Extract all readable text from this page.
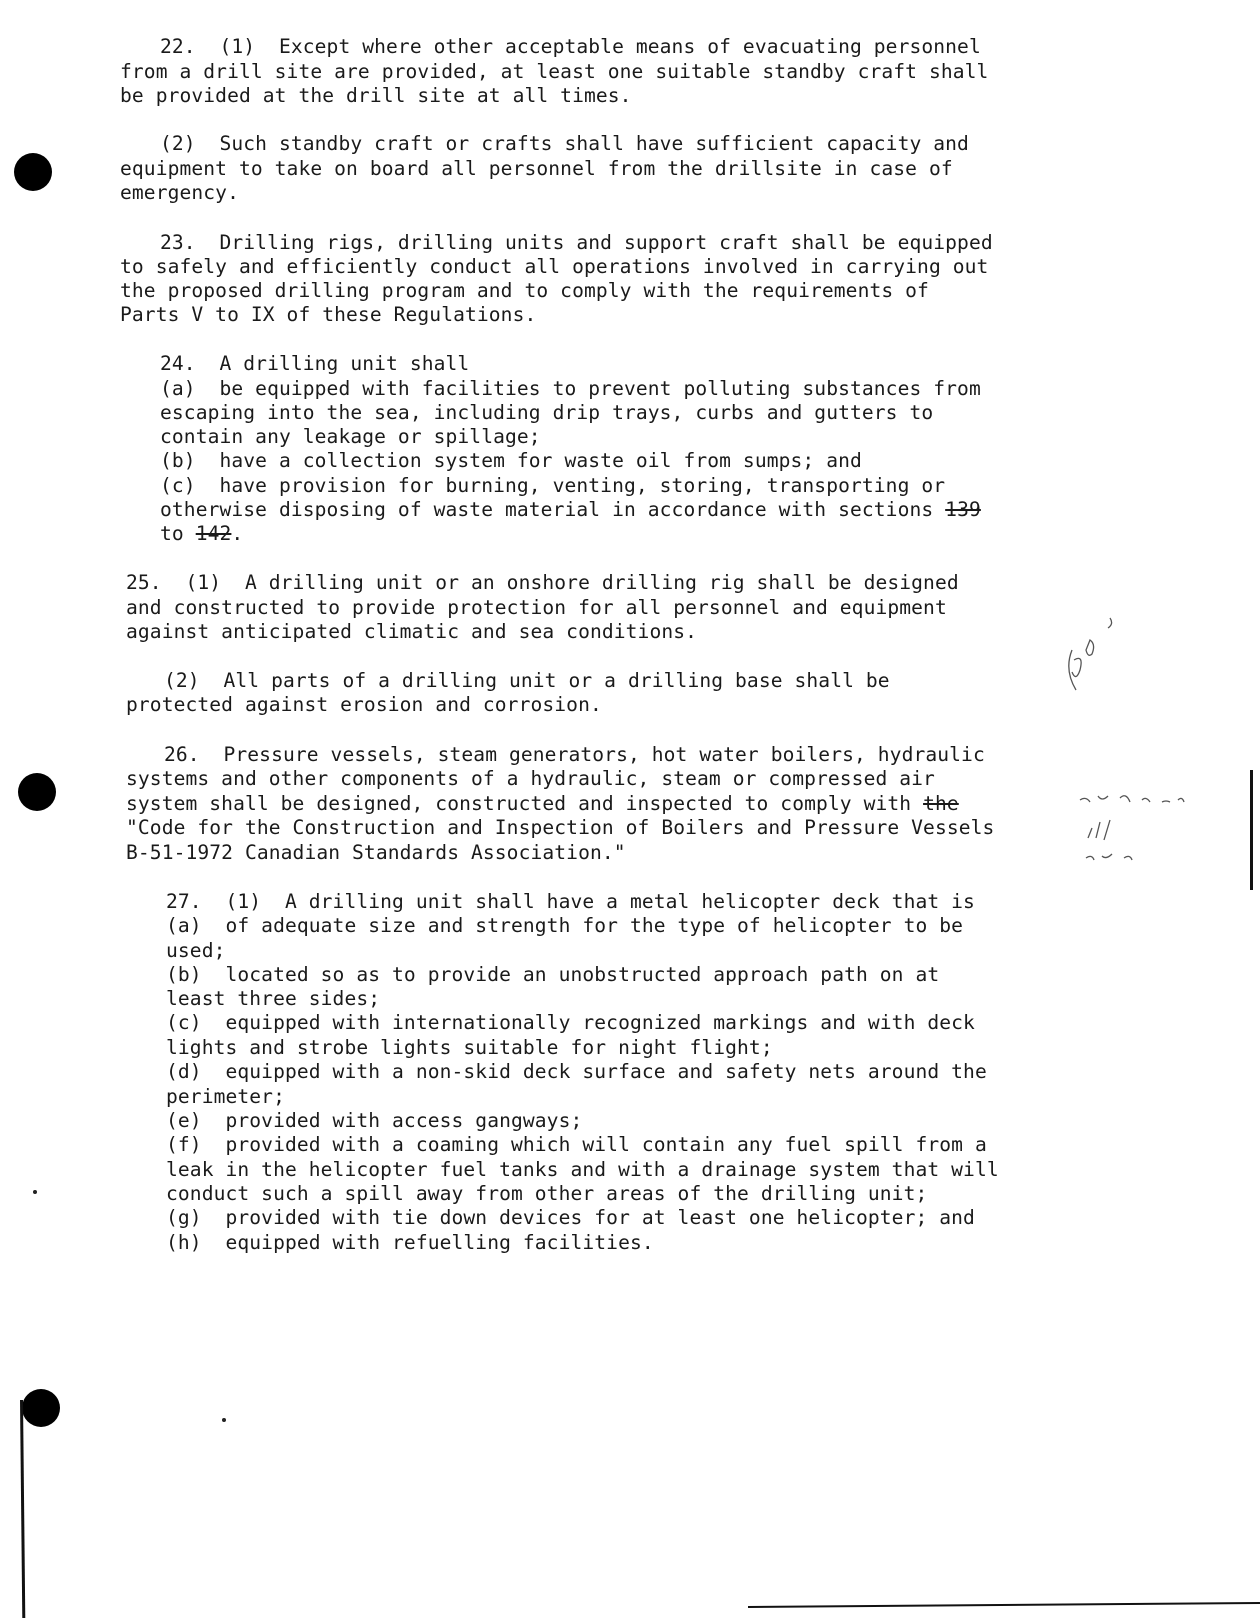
22.  (1)  Except where other acceptable means of evacuating personnel
from a drill site are provided, at least one suitable standby craft shall
be provided at the drill site at all times.
(2)  Such standby craft or crafts shall have sufficient capacity and
equipment to take on board all personnel from the drillsite in case of
emergency.
23.  Drilling rigs, drilling units and support craft shall be equipped
to safely and efficiently conduct all operations involved in carrying out
the proposed drilling program and to comply with the requirements of
Parts V to IX of these Regulations.
24.  A drilling unit shall
(a)  be equipped with facilities to prevent polluting substances from
escaping into the sea, including drip trays, curbs and gutters to
contain any leakage or spillage;
(b)  have a collection system for waste oil from sumps; and
(c)  have provision for burning, venting, storing, transporting or
otherwise disposing of waste material in accordance with sections 139
to 142.
25.  (1)  A drilling unit or an onshore drilling rig shall be designed
and constructed to provide protection for all personnel and equipment
against anticipated climatic and sea conditions.
(2)  All parts of a drilling unit or a drilling base shall be
protected against erosion and corrosion.
26.  Pressure vessels, steam generators, hot water boilers, hydraulic
systems and other components of a hydraulic, steam or compressed air
system shall be designed, constructed and inspected to comply with the
"Code for the Construction and Inspection of Boilers and Pressure Vessels
B-51-1972 Canadian Standards Association."
27.  (1)  A drilling unit shall have a metal helicopter deck that is
(a)  of adequate size and strength for the type of helicopter to be
used;
(b)  located so as to provide an unobstructed approach path on at
least three sides;
(c)  equipped with internationally recognized markings and with deck
lights and strobe lights suitable for night flight;
(d)  equipped with a non-skid deck surface and safety nets around the
perimeter;
(e)  provided with access gangways;
(f)  provided with a coaming which will contain any fuel spill from a
leak in the helicopter fuel tanks and with a drainage system that will
conduct such a spill away from other areas of the drilling unit;
(g)  provided with tie down devices for at least one helicopter; and
(h)  equipped with refuelling facilities.
